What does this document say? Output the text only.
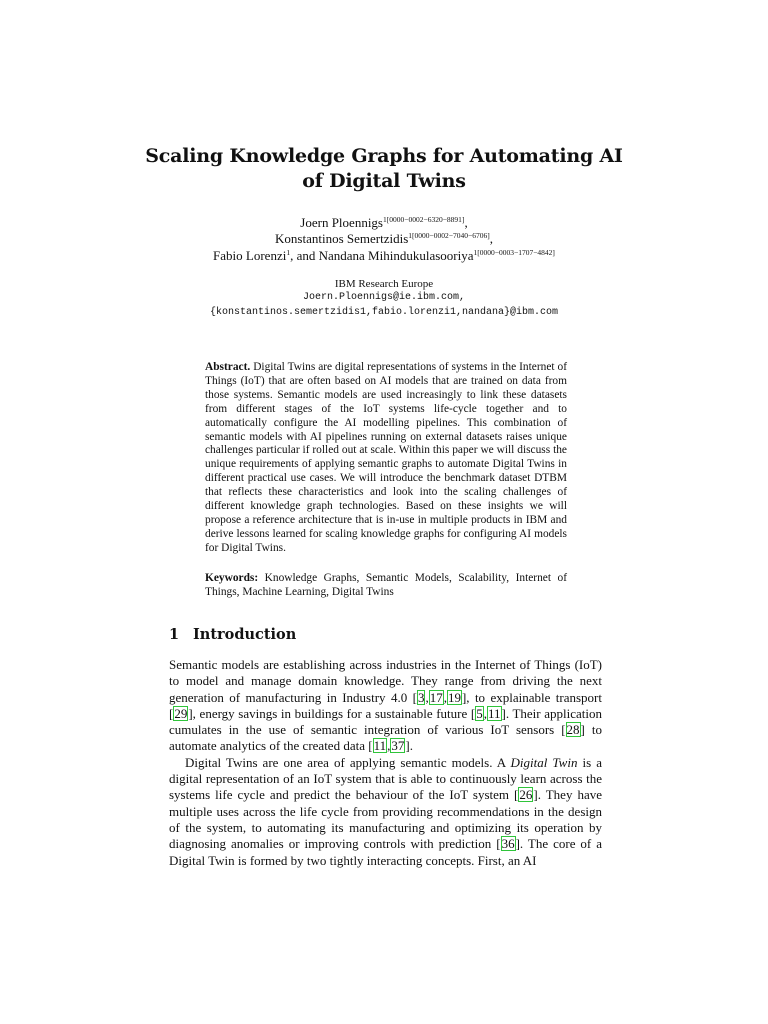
Scaling Knowledge Graphs for Automating AI
of Digital Twins
Joern Ploennigs$^{1[0000-0002-6320-8891]}$,
Konstantinos Semertzidis$^{1[0000-0002-7040-6706]}$,
Fabio Lorenzi$^1$, and Nandana Mihindukulasooriya$^{1[0000-0003-1707-4842]}$
IBM Research Europe
Joern.Ploennigs@ie.ibm.com,
{konstantinos.semertzidis1,fabio.lorenzi1,nandana}@ibm.com
Abstract. Digital Twins are digital representations of systems in the Internet of Things (IoT) that are often based on AI models that are trained on data from those systems. Semantic models are used increasingly to link these datasets from different stages of the IoT systems life-cycle together and to automatically configure the AI modelling pipelines. This combination of semantic models with AI pipelines running on external datasets raises unique challenges particular if rolled out at scale. Within this paper we will discuss the unique requirements of applying semantic graphs to automate Digital Twins in different practical use cases. We will introduce the benchmark dataset DTBM that reflects these characteristics and look into the scaling challenges of different knowledge graph technologies. Based on these insights we will propose a reference architecture that is in-use in multiple products in IBM and derive lessons learned for scaling knowledge graphs for configuring AI models for Digital Twins.
Keywords: Knowledge Graphs, Semantic Models, Scalability, Internet of Things, Machine Learning, Digital Twins
1 Introduction

Semantic models are establishing across industries in the Internet of Things (IoT) to model and manage domain knowledge. They range from driving the next generation of manufacturing in Industry 4.0 [3,17,19], to explainable transport [29], energy savings in buildings for a sustainable future [5,11]. Their application cumulates in the use of semantic integration of various IoT sensors [28] to automate analytics of the created data [11,37].

Digital Twins are one area of applying semantic models. A Digital Twin is a digital representation of an IoT system that is able to continuously learn across the systems life cycle and predict the behaviour of the IoT system [26]. They have multiple uses across the life cycle from providing recommendations in the design of the system, to automating its manufacturing and optimizing its operation by diagnosing anomalies or improving controls with prediction [36]. The core of a Digital Twin is formed by two tightly interacting concepts. First, an AI
